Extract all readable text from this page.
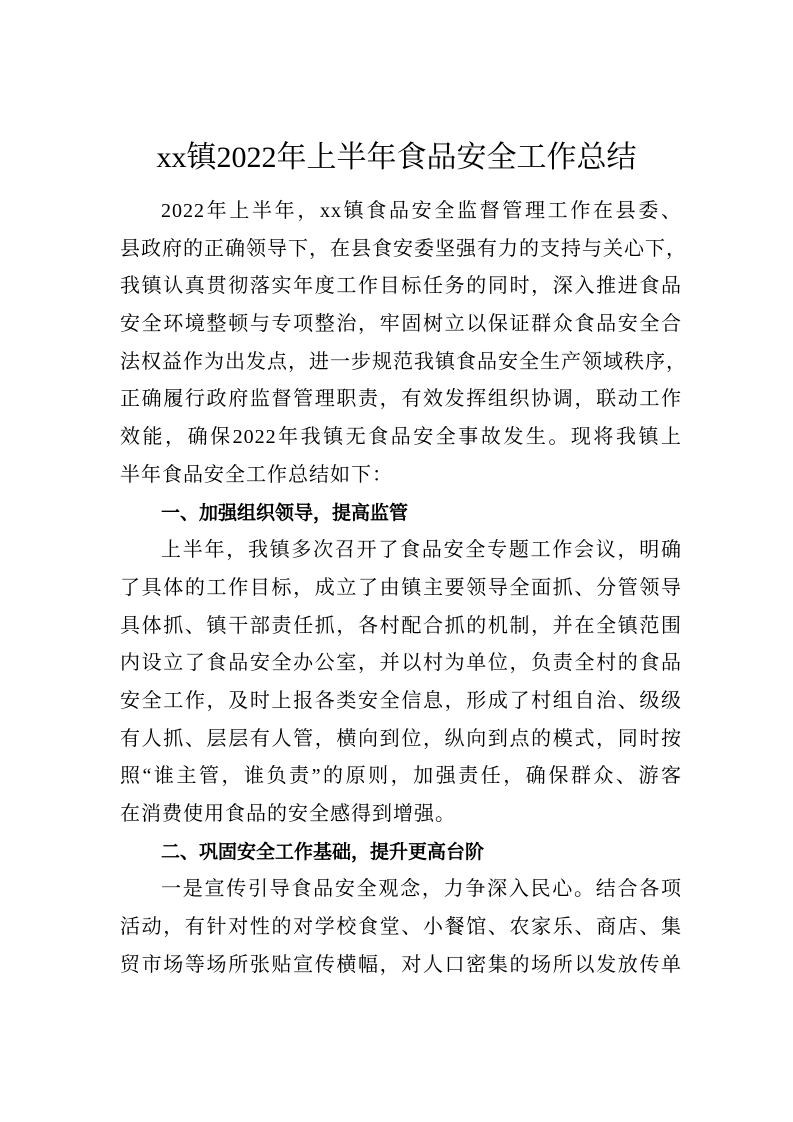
xx镇2022年上半年食品安全工作总结
2022年上半年，xx镇食品安全监督管理工作在县委、
县政府的正确领导下，在县食安委坚强有力的支持与关心下，
我镇认真贯彻落实年度工作目标任务的同时，深入推进食品
安全环境整顿与专项整治，牢固树立以保证群众食品安全合
法权益作为出发点，进一步规范我镇食品安全生产领域秩序，
正确履行政府监督管理职责，有效发挥组织协调，联动工作
效能，确保2022年我镇无食品安全事故发生。现将我镇上
半年食品安全工作总结如下：
一、加强组织领导，提高监管
上半年，我镇多次召开了食品安全专题工作会议，明确
了具体的工作目标，成立了由镇主要领导全面抓、分管领导
具体抓、镇干部责任抓，各村配合抓的机制，并在全镇范围
内设立了食品安全办公室，并以村为单位，负责全村的食品
安全工作，及时上报各类安全信息，形成了村组自治、级级
有人抓、层层有人管，横向到位，纵向到点的模式，同时按
照“谁主管，谁负责”的原则，加强责任，确保群众、游客
在消费使用食品的安全感得到增强。
二、巩固安全工作基础，提升更高台阶
一是宣传引导食品安全观念，力争深入民心。结合各项
活动，有针对性的对学校食堂、小餐馆、农家乐、商店、集
贸市场等场所张贴宣传横幅，对人口密集的场所以发放传单
